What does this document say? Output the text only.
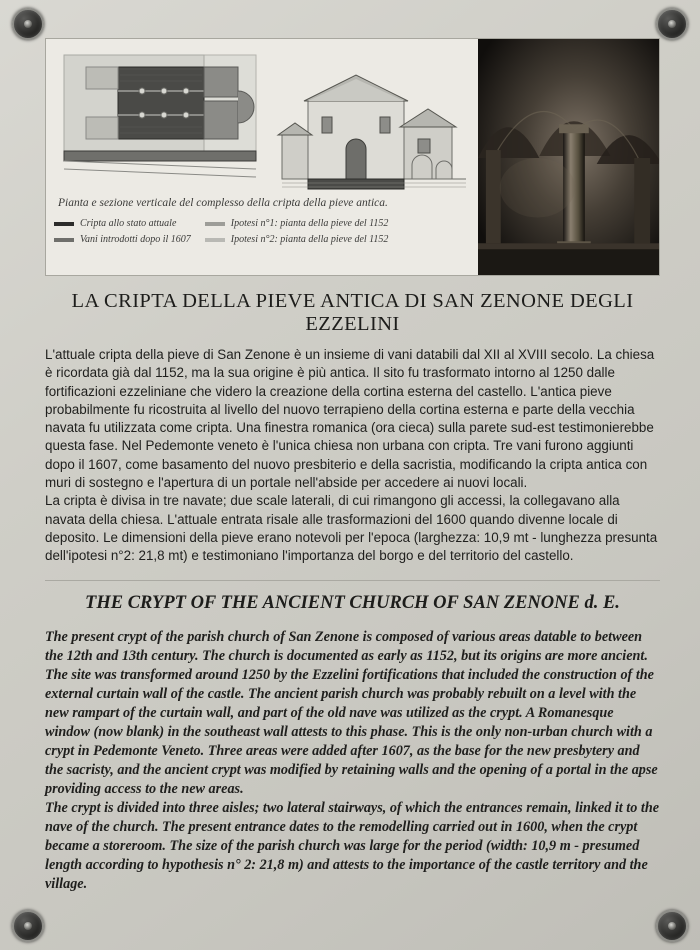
Pianta e sezione verticale del complesso della cripta della pieve antica.
Cripta allo stato attuale
Vani introdotti dopo il 1607
Ipotesi n°1: pianta della pieve del 1152
Ipotesi n°2: pianta della pieve del 1152
LA CRIPTA DELLA PIEVE ANTICA DI SAN ZENONE DEGLI EZZELINI

L'attuale cripta della pieve di San Zenone è un insieme di vani databili dal XII al XVIII secolo. La chiesa è ricordata già dal 1152, ma la sua origine è più antica. Il sito fu trasformato intorno al 1250 dalle fortificazioni ezzeliniane che videro la creazione della cortina esterna del castello. L'antica pieve probabilmente fu ricostruita al livello del nuovo terrapieno della cortina esterna e parte della vecchia navata fu utilizzata come cripta. Una finestra romanica (ora cieca) sulla parete sud-est testimonierebbe questa fase. Nel Pedemonte veneto è l'unica chiesa non urbana con cripta. Tre vani furono aggiunti dopo il 1607, come basamento del nuovo presbiterio e della sacristia, modificando la cripta antica con muri di sostegno e l'apertura di un portale nell'abside per accedere ai nuovi locali.

La cripta è divisa in tre navate; due scale laterali, di cui rimangono gli accessi, la collegavano alla navata della chiesa. L'attuale entrata risale alle trasformazioni del 1600 quando divenne locale di deposito. Le dimensioni della pieve erano notevoli per l'epoca (larghezza: 10,9 mt - lunghezza presunta dell'ipotesi n°2: 21,8 mt) e testimoniano l'importanza del borgo e del territorio del castello.

THE CRYPT OF THE ANCIENT CHURCH OF SAN ZENONE d. E.

The present crypt of the parish church of San Zenone is composed of various areas datable to between the 12th and 13th century. The church is documented as early as 1152, but its origins are more ancient. The site was transformed around 1250 by the Ezzelini fortifications that included the construction of the external curtain wall of the castle. The ancient parish church was probably rebuilt on a level with the new rampart of the curtain wall, and part of the old nave was utilized as the crypt. A Romanesque window (now blank) in the southeast wall attests to this phase. This is the only non-urban church with a crypt in Pedemonte Veneto. Three areas were added after 1607, as the base for the new presbytery and the sacristy, and the ancient crypt was modified by retaining walls and the opening of a portal in the apse providing access to the new areas.

The crypt is divided into three aisles; two lateral stairways, of which the entrances remain, linked it to the nave of the church. The present entrance dates to the remodelling carried out in 1600, when the crypt became a storeroom. The size of the parish church was large for the period (width: 10,9 m - presumed length according to hypothesis n° 2: 21,8 m) and attests to the importance of the castle territory and the village.
